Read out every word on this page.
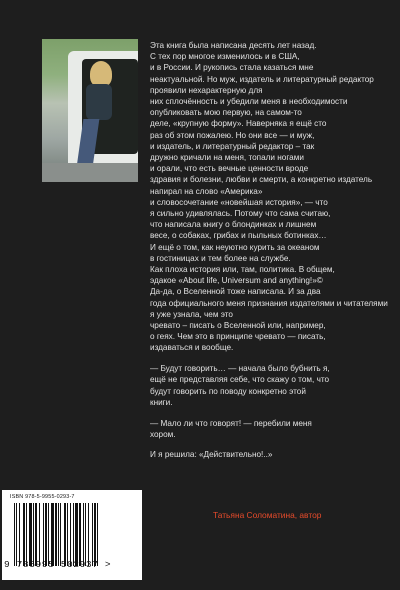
Эта книга была написана десять лет назад.
С тех пор многое изменилось и в США,
и в России. И рукопись стала казаться мне
неактуальной. Но муж, издатель и литературный редактор проявили нехарактерную для
них сплочённость и убедили меня в необходимости опубликовать мою первую, на самом-то
деле, «крупную форму». Наверняка я ещё сто
раз об этом пожалею. Но они все — и муж,
и издатель, и литературный редактор – так
дружно кричали на меня, топали ногами
и орали, что есть вечные ценности вроде
здравия и болезни, любви и смерти, а конкретно издатель напирал на слово «Америка»
и словосочетание «новейшая история», — что
я сильно удивлялась. Потому что сама считаю,
что написала книгу о блондинках и лишнем
весе, о собаках, грибах и пыльных ботинках…
И ещё о том, как неуютно курить за океаном
в гостиницах и тем более на службе.
Как плоха история или, там, политика. В общем,
эдакое «About life, Universum and anything!»©
Да-да, о Вселенной тоже написала. И за два
года официального меня признания издателями и читателями я уже узнала, чем это
чревато – писать о Вселенной или, например,
о геях. Чем это в принципе чревато — писать,
издаваться и вообще.

— Будут говорить… — начала было бубнить я,
ещё не представляя себе, что скажу о том, что
будут говорить по поводу конкретно этой
книги.

— Мало ли что говорят! — перебили меня
хором.

И я решила: «Действительно!..»

Татьяна Соломатина, автор
ISBN 978-5-9955-0293-7
9 785995 502937 >
